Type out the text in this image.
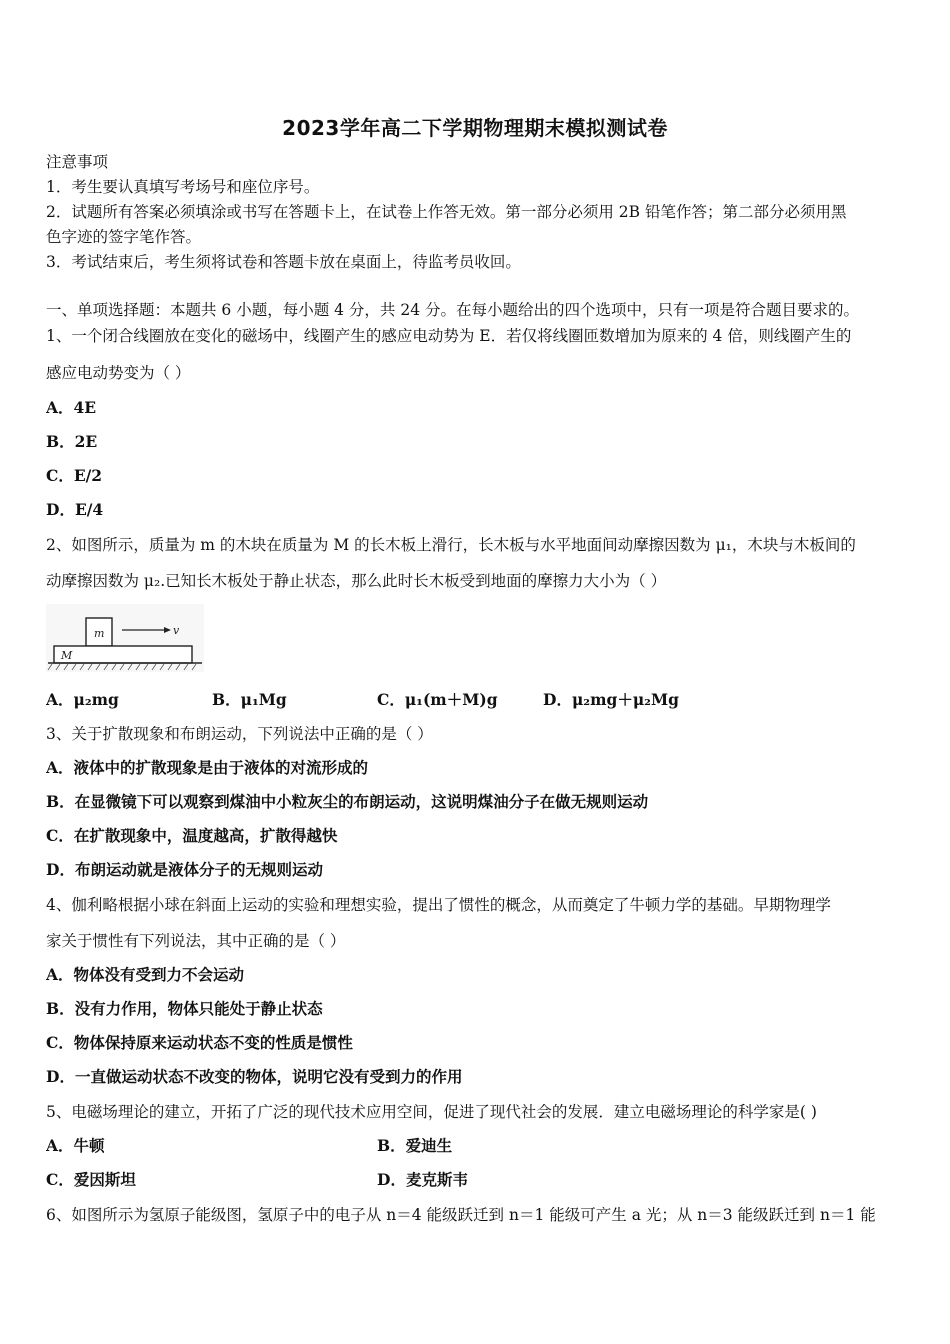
2023学年高二下学期物理期末模拟测试卷
注意事项
1．考生要认真填写考场号和座位序号。
2．试题所有答案必须填涂或书写在答题卡上，在试卷上作答无效。第一部分必须用 2B 铅笔作答；第二部分必须用黑
色字迹的签字笔作答。
3．考试结束后，考生须将试卷和答题卡放在桌面上，待监考员收回。
一、单项选择题：本题共 6 小题，每小题 4 分，共 24 分。在每小题给出的四个选项中，只有一项是符合题目要求的。
1、一个闭合线圈放在变化的磁场中，线圈产生的感应电动势为 E．若仅将线圈匝数增加为原来的 4 倍，则线圈产生的
感应电动势变为（ ）
A．4E
B．2E
C．E/2
D．E/4
2、如图所示，质量为 m 的木块在质量为 M 的长木板上滑行，长木板与水平地面间动摩擦因数为 μ₁，木块与木板间的
动摩擦因数为 μ₂.已知长木板处于静止状态，那么此时长木板受到地面的摩擦力大小为（ ）
m	v
M
A．μ₂mg	B．μ₁Mg	C．μ₁(m＋M)g	D．μ₂mg＋μ₂Mg
3、关于扩散现象和布朗运动，下列说法中正确的是（ ）
A．液体中的扩散现象是由于液体的对流形成的
B．在显微镜下可以观察到煤油中小粒灰尘的布朗运动，这说明煤油分子在做无规则运动
C．在扩散现象中，温度越高，扩散得越快
D．布朗运动就是液体分子的无规则运动
4、伽利略根据小球在斜面上运动的实验和理想实验，提出了惯性的概念，从而奠定了牛顿力学的基础。早期物理学
家关于惯性有下列说法，其中正确的是（ ）
A．物体没有受到力不会运动
B．没有力作用，物体只能处于静止状态
C．物体保持原来运动状态不变的性质是惯性
D．一直做运动状态不改变的物体，说明它没有受到力的作用
5、电磁场理论的建立，开拓了广泛的现代技术应用空间，促进了现代社会的发展．建立电磁场理论的科学家是( )
A．牛顿	B．爱迪生
C．爱因斯坦	D．麦克斯韦
6、如图所示为氢原子能级图，氢原子中的电子从 n＝4 能级跃迁到 n＝1 能级可产生 a 光；从 n＝3 能级跃迁到 n＝1 能
